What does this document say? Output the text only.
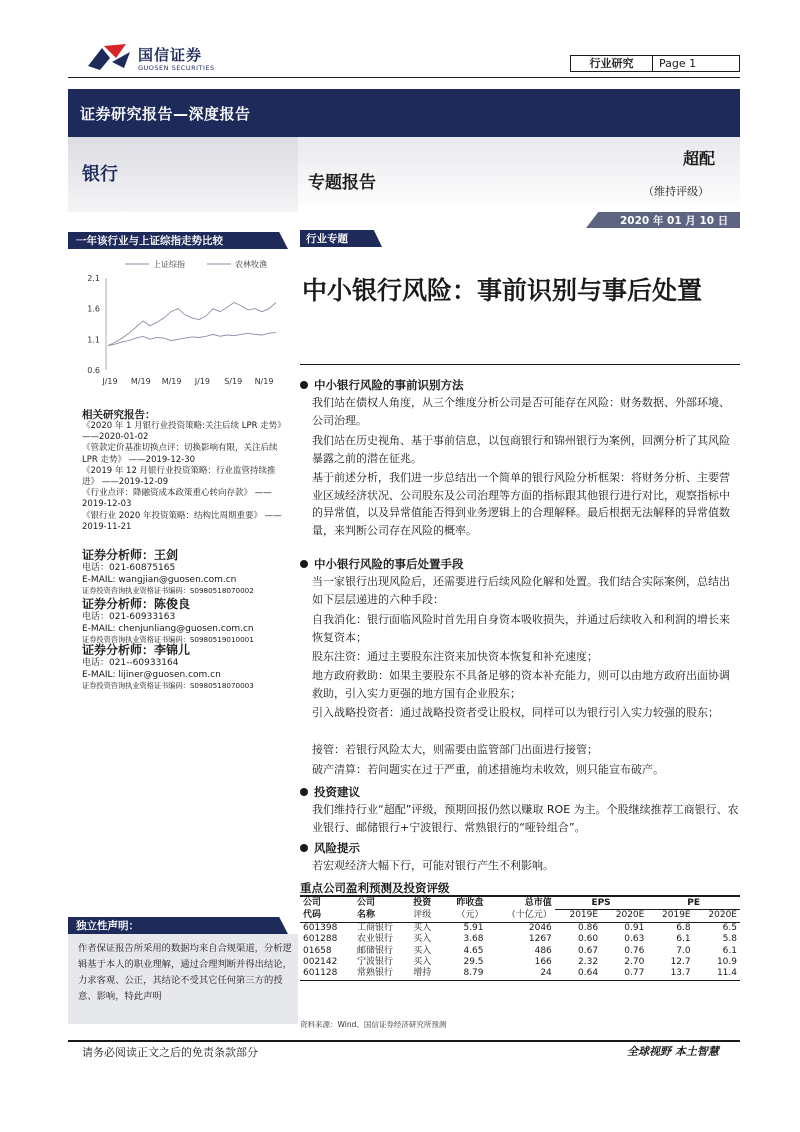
国信证券
GUOSEN SECURITIES	行业研究	Page 1
证券研究报告—深度报告
银行	专题报告
超配
（维持评级）
2020 年 01 月 10 日
一年该行业与上证综指走势比较
上证综指	农林牧渔
2.1
1.6
1.1
0.6
J/19 M/19 M/19 J/19 S/19 N/19
相关研究报告：
《2020 年 1 月银行业投资策略:关注后续 LPR 走势》 ——2020-01-02
《管款定价基准切换点评：切换影响有限，关注后续 LPR 走势》 ——2019-12-30
《2019 年 12 月银行业投资策略：行业监管持续推进》 ——2019-12-09
《行业点评：降融资成本政策重心转向存款》 ——2019-12-03
《银行业 2020 年投资策略：结构比周期重要》 ——2019-11-21
证券分析师：王剑
电话：021-60875165
E-MAIL: wangjian@guosen.com.cn
证券投资咨询执业资格证书编码：S0980518070002
证券分析师：陈俊良
电话：021-60933163
E-MAIL: chenjunliang@guosen.com.cn
证券投资咨询执业资格证书编码：S0980519010001
证券分析师：李锦儿
电话：021--60933164
E-MAIL: lijiner@guosen.com.cn
证券投资咨询执业资格证书编码：S0980518070003
独立性声明：
作者保证报告所采用的数据均来自合规渠道，分析逻辑基于本人的职业理解，通过合理判断并得出结论，力求客观、公正，其结论不受其它任何第三方的授意、影响，特此声明
行业专题
中小银行风险：事前识别与事后处置
中小银行风险的事前识别方法
我们站在债权人角度，从三个维度分析公司是否可能存在风险：财务数据、外部环境、公司治理。
我们站在历史视角、基于事前信息，以包商银行和锦州银行为案例，回溯分析了其风险暴露之前的潜在征兆。
基于前述分析，我们进一步总结出一个简单的银行风险分析框架：将财务分析、主要营业区域经济状况、公司股东及公司治理等方面的指标跟其他银行进行对比，观察指标中的异常值，以及异常值能否得到业务逻辑上的合理解释。最后根据无法解释的异常值数量，来判断公司存在风险的概率。
中小银行风险的事后处置手段
当一家银行出现风险后，还需要进行后续风险化解和处置。我们结合实际案例，总结出如下层层递进的六种手段：
自我消化：银行面临风险时首先用自身资本吸收损失，并通过后续收入和利润的增长来恢复资本；
股东注资：通过主要股东注资来加快资本恢复和补充速度；
地方政府救助：如果主要股东不具备足够的资本补充能力，则可以由地方政府出面协调救助，引入实力更强的地方国有企业股东；
引入战略投资者：通过战略投资者受让股权，同样可以为银行引入实力较强的股东；
接管：若银行风险太大，则需要由监管部门出面进行接管；
破产清算：若问题实在过于严重，前述措施均未收效，则只能宣布破产。
投资建议
我们维持行业“超配”评级，预期回报仍然以赚取 ROE 为主。个股继续推荐工商银行、农业银行、邮储银行+宁波银行、常熟银行的“哑铃组合”。
风险提示
若宏观经济大幅下行，可能对银行产生不利影响。
重点公司盈利预测及投资评级
公司	公司	投资	昨收盘	总市值	EPS		PE	
代码	名称	评级	（元）	（十亿元）	2019E	2020E	2019E	2020E
601398	工商银行	买入	5.91	2046	0.86	0.91	6.8	6.5
601288	农业银行	买入	3.68	1267	0.60	0.63	6.1	5.8
01658	邮储银行	买入	4.65	486	0.67	0.76	7.0	6.1
002142	宁波银行	买入	29.5	166	2.32	2.70	12.7	10.9
601128	常熟银行	增持	8.79	24	0.64	0.77	13.7	11.4
资料来源：Wind、国信证券经济研究所预测
请务必阅读正文之后的免责条款部分	全球视野 本土智慧
